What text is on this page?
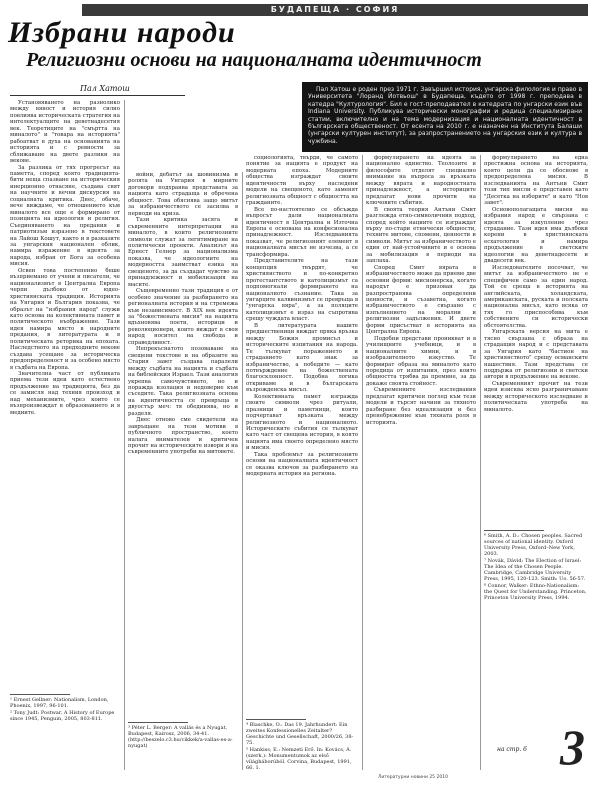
БУДАПЕЩА · СОФИЯ
Избрани народи
Религиозни основи на националната идентичност
Пал Хатош	Пал Хатош е роден през 1971 г. Завършил история, унгарска филология и право в Университета "Лоранд Йотвьош" в Будапеща, където от 1998 г. преподава в катедра "Културология". Бил е гост-преподавател в катедрата по унгарски език във Indiana University. Публикува исторически монографии и редица специализирани статии, включително и на тема модернизация и националната идентичност в българската общественост. От есента на 2010 г. е назначен на Института Балаши (унгарски културен институт), за разпространението на унгарския език и култура в чужбина.

Установяването на разнолико между вяност и история силно повлиява историческата стратегия на интелектуалците на деветнадесетия век. Теоретиците на "смъртта на миналото" и "товара на историята" рабоатват в духа на основанията на историята и с ревности за сближаване на двете разлики на векове.

За разлика от тях прогресът на паметта, според която традицията-бити неща спазване на историческия инерционно отнасяне, създава свят на научните и вечни дискурсия на социалната критика. Днес, обаче, вече виждаме, че отношението към миналото все още е формирано от позицията на идеология и религия. Съединяването на предания и патриотизъм изразено в текстовете на Лайош Кошут, както и в разказите за унгарския национален облик, намира изражение в идеята за народа, избран от Бога за особена мисия.

Освен това постепенно беше възприемано от учени и писатели, че национализмът в Централна Европа черпи дълбоко от юдео-християнската традиция. Историята на Унгария и България показва, че образът на "избрания народ" служи като основа на колективната памет и политическото въображение. Тази идея намира място в народните предания, в литературата и в политическата реторика на епохата. Наследството на предходните векове създава усещане за историческа предопределеност и за особено място в съдбата на Европа.

Значителна част от публиката приема тези идеи като естествено продължение на традицията, без да се замисля над техния произход и над механизмите, чрез които се възпроизвеждат в образованието и в медиите.

войни, дебатът за шовинизма и ролята на Унгария в мирните договори подхранва представата за нацията като страдаща и обречена общност. Това обяснява защо митът за избраничеството се засилва в периоди на криза.

Тази критика засяга и съвременните интерпретации на миналото, в които религиозните символи служат за легитимиране на политически проекти. Анализът на Ернест Гелнер за национализма показва, че идеологиите на модерността заимстват езика на свещеното, за да създадат чувство за принадлежност и мобилизация на масите.

Същевременно тази традиция е от особено значение за разбирането на регионалната история и на стремежа към независимост. В XIX век идеята за "божествената мисия" на нацията вдъхновява поети, историци и революционери, които виждат в своя народ носител на свобода и справедливост.

Непрекъснатото позоваване на свещени текстове и на образите на Стария завет създава паралели между съдбата на нацията и съдбата на библейския Израел. Тази аналогия укрепва самочувствието, но и поражда изолация и недоверие към съседите. Така религиозната основа на идентичността се превръща в двуостър меч: тя обединява, но и разделя.

Днес отново сме свидетели на завръщане на тези мотиви в публичното пространство, което налага внимателен и критичен прочит на историческите извори и на съвременните употреби на митовете.

социологията, твърди, че самото понятие за нацията е продукт на модерната епоха. Модерните общества изграждат своите идентичности върху наследени модели на свещеното, като заменят религиозната общност с общността на гражданите.

Все по-настоятелно се обсъжда въпросът дали националната идентичност в Централна и Източна Европа е основана на конфесионална принадлежност. Изследванията показват, че религиозният елемент в националната мисъл не изчезва, а се трансформира.

Представителите на тази концепция твърдят, че християнството и по-конкретно протестантството и католицизмът са подпомогнали формирането на националното съзнание. Така за унгарците калвинизмът се превръща в "унгарска вяра", а за поляците католицизмът е израз на съпротива срещу чуждата власт.

В литературата нашите предшественици виждат пряка връзка между Божия промисъл и историческите изпитания на народа. Те тълкуват поражението и страданието като знак за избраничество, а победите — като потвърждение на божествената благосклонност. Подобна логика откриваме и в българската възрожденска мисъл.

Колективната памет изгражда своите символи чрез ритуали, празници и паметници, които подчертават връзката между религиозното и националното. Историческите събития се тълкуват като част от свещена история, в която нацията има своето определено място и мисия.

Така проблемът за религиозните основи на националната идентичност се оказва ключов за разбирането на модерната история на региона.

формулирането на идеята за национално единство. Теолозите и философите отделят специално внимание на въпроса за връзката между вярата и народностната принадлежност, а историците предлагат нови прочити на ключовите събития.

В своята теория Антъни Смит разглежда етно-символичния подход, според който нациите се изграждат върху по-стари етнически общности, техните митове, спомени, ценности и символи. Митът за избраничеството е един от най-устойчивите и е основа за мобилизация в периоди на заплаха.

Според Смит вярата в избраничеството може да приеме две основни форми: мисионерска, когато народът е призован да разпространява определени ценности, и съзаветна, когато избраничеството е свързано с изпълнението на морални и религиозни задължения. И двете форми присъстват в историята на Централна Европа.

Подобни представи проникват и в училищните учебници, и в националните химни, и в изобразителното изкуство. Те формират образа на миналото като поредица от изпитания, през които общността трябва да премине, за да докаже своята стойност.

Съвременните изследвания предлагат критичен поглед към тези модели и търсят начини за тяхното разбиране без идеализация и без пренебрежение към тяхната роля в историята.

формулирането на една престижна основа на историята, която цели да се обоснове в предопределена мисия. В изследванията на Антъни Смит този тип мисли е представен като "Десетка на изборите" и като "Нов завет".

Основополагащата мисия на избрания народ е свързана с идеята за изкупление чрез страдание. Тази идея има дълбоки корени в християнската есхатология и намира продължение в светските идеологии на деветнадесети и двадесети век.

Изследователите посочват, че митът за избраничеството не е специфичен само за един народ. Той се среща в историята на английската, холандската, американската, руската и полската национална мисъл, като всяка от тях го приспособява към собствените си исторически обстоятелства.

Унгарската версия на мита е тясно свързана с образа на страдащия народ и с представата за Унгария като "бастион на християнството" срещу османските нашествия. Тази представа се поддържа от религиозни и светски автори в продължение на векове.

Съвременният прочит на тези идеи изисква ясно разграничаване между историческото изследване и политическата употреба на миналото.

¹ Ernest Gellner: Nationalism, London, Phoenix, 1997, 96-101.

² Tony Judt: Postwar. A History of Europe since 1945, Penguin, 2005, 803-811.

³ Péter L. Berger: A vallás és a Nyugat, Budapest, Kairosz, 2006, 34-41. (http://beszelo.c3.hu/cikkek/a-vallas-es-a-nyugat)

⁴ Blaschke, O.: Das 19. Jahrhundert: Ein zweites Konfessionelles Zeitalter? Geschichte und Gesellschaft, 2000/26, 38-75.

⁵ Hankiss, E.: Nemzeti Erő. In: Kovács, Á. (szerk.): Monumentumok az első világháborúból. Corvina, Budapest, 1991, 66. 1.

⁶ Smith, A. D.: Chosen peoples. Sacred sources of national identity. Oxford University Press, Oxford–New York, 2003.

⁷ Novák, Dávid: The Election of Israel: The Idea of the Chosen People. Cambridge, Cambridge University Press, 1995, 120-123. Smith: Uo. 56-57.

⁸ Connor, Walker: Ethno-Nationalism: the Quest for Understanding. Princeton, Princeton University Press, 1994.

на стр. 6 3
Литературни новини 25 2010
